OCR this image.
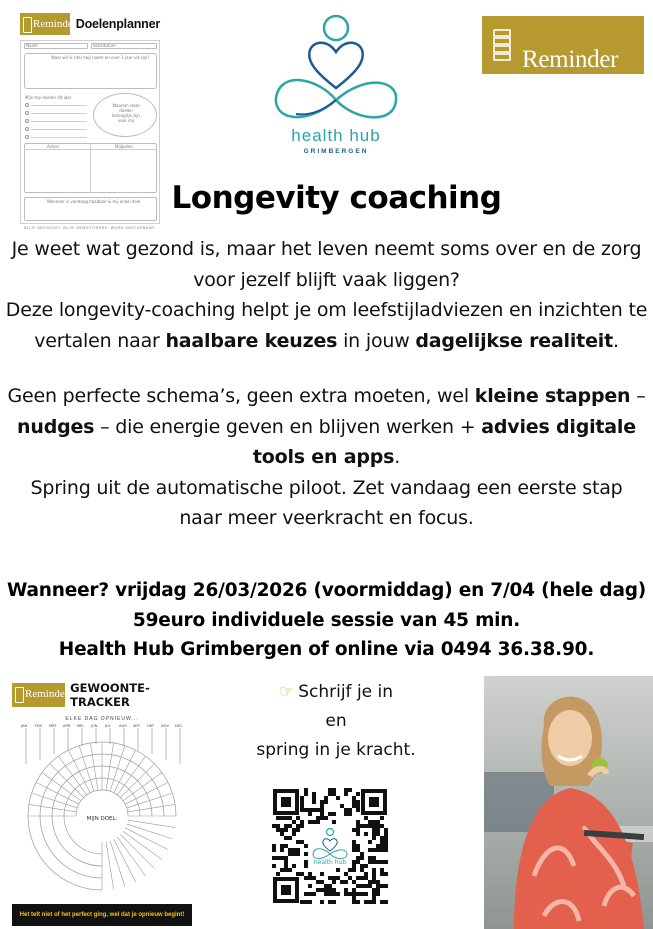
Reminder Doelenplanner
Naam	Startdatum
Waar wil ik (de) hop naam en over 1 jaar uit zijn?
Mijn top doelen dit jaar
Waarom deze doelen belangrijk zijn voor mij
Acties	Mijlpalen
Wanneer is vandaag haalbaar & mij enkel doel
BLIJF GEFOCUST. BLIJF GEMOTIVEERD. WORD ONSTOPBAAR.
health hub
GRIMBERGEN
Reminder
Longevity coaching
Je weet wat gezond is, maar het leven neemt soms over en de zorg
voor jezelf blijft vaak liggen?
Deze longevity-coaching helpt je om leefstijladviezen en inzichten te
vertalen naar haalbare keuzes in jouw dagelijkse realiteit.
Geen perfecte schema’s, geen extra moeten, wel kleine stappen –
nudges – die energie geven en blijven werken + advies digitale
tools en apps.
Spring uit de automatische piloot. Zet vandaag een eerste stap
naar meer veerkracht en focus.
Wanneer? vrijdag 26/03/2026 (voormiddag) en 7/04 (hele dag)
59euro individuele sessie van 45 min.
Health Hub Grimbergen of online via 0494 36.38.90.
Reminder GEWOONTE-TRACKER
ELKE DAG OPNIEUW...
JAN FEB MRT APR MEI JUN JUL AUG SEP OKT NOV DEC
MIJN DOEL:
Het telt niet of het perfect ging, wel dat je opnieuw begint!
☞ Schrijf je in
en
spring in je kracht.
health hub
